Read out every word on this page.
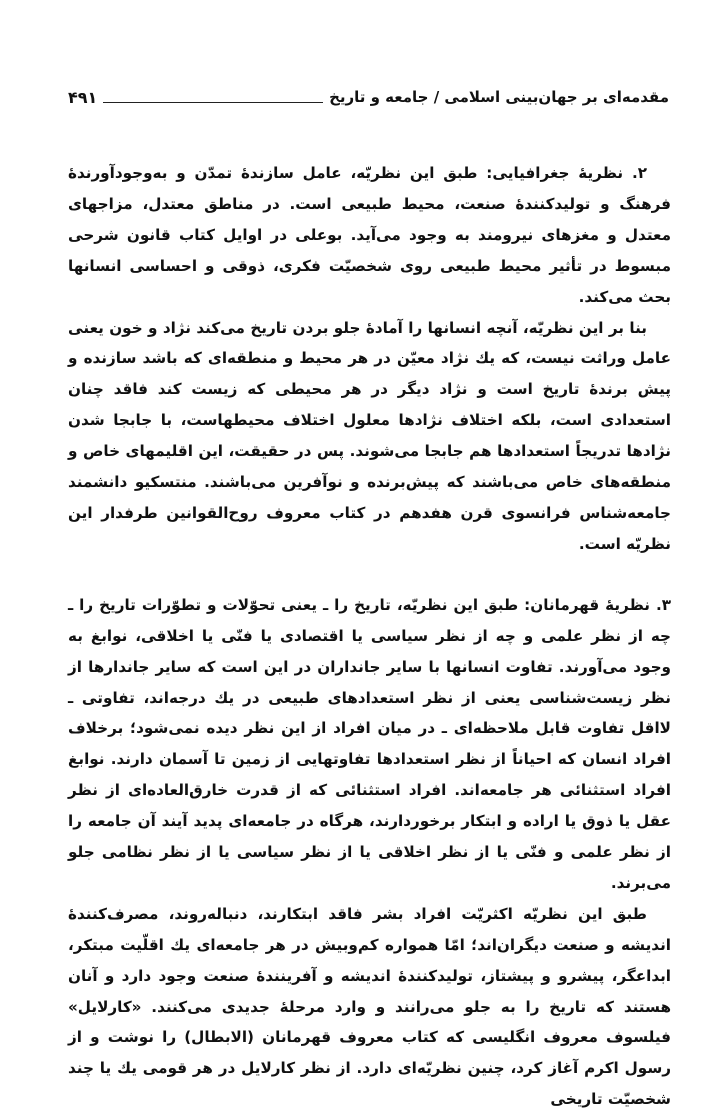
مقدمه‌ای بر جهان‌بینی اسلامی / جامعه و تاریخ
۴۹۱

۲. نظریهٔ جغرافیایی: طبق این نظریّه، عامل سازندهٔ تمدّن و به‌وجودآورندهٔ فرهنگ و تولیدکنندهٔ صنعت، محیط طبیعی است. در مناطق معتدل، مزاجهای معتدل و مغزهای نیرومند به وجود می‌آید. بوعلی در اوایل کتاب قانون شرحی مبسوط در تأثیر محیط طبیعی روی شخصیّت فکری، ذوقی و احساسی انسانها بحث می‌کند.

بنا بر این نظریّه، آنچه انسانها را آمادهٔ جلو بردن تاریخ می‌کند نژاد و خون یعنی عامل وراثت نیست، که یك نژاد معیّن در هر محیط و منطقه‌ای که باشد سازنده و پیش برندهٔ تاریخ است و نژاد دیگر در هر محیطی که زیست کند فاقد چنان استعدادی است، بلکه اختلاف نژادها معلول اختلاف محیطهاست، با جابجا شدن نژادها تدریجاً استعدادها هم جابجا می‌شوند. پس در حقیقت، این اقلیمهای خاص و منطقه‌های خاص می‌باشند که پیش‌برنده و نوآفرین می‌باشند. منتسکیو دانشمند جامعه‌شناس فرانسوی قرن هفدهم در کتاب معروف روح‌القوانین طرفدار این نظریّه است.

۳. نظریهٔ قهرمانان: طبق این نظریّه، تاریخ را ـ یعنی تحوّلات و تطوّرات تاریخ را ـ چه از نظر علمی و چه از نظر سیاسی یا اقتصادی یا فنّی یا اخلاقی، نوابغ به وجود می‌آورند. تفاوت انسانها با سایر جانداران در این است که سایر جاندارها از نظر زیست‌شناسی یعنی از نظر استعدادهای طبیعی در یك درجه‌اند، تفاوتی ـ لااقل تفاوت قابل ملاحظه‌ای ـ در میان افراد از این نظر دیده نمی‌شود؛ برخلاف افراد انسان که احیاناً از نظر استعدادها تفاوتهایی از زمین تا آسمان دارند. نوابغ افراد استثنائی هر جامعه‌اند. افراد استثنائی که از قدرت خارق‌العاده‌ای از نظر عقل یا ذوق یا اراده و ابتکار برخوردارند، هرگاه در جامعه‌ای پدید آیند آن جامعه را از نظر علمی و فنّی یا از نظر اخلاقی یا از نظر سیاسی یا از نظر نظامی جلو می‌برند.

طبق این نظریّه اکثریّت افراد بشر فاقد ابتکارند، دنباله‌روند، مصرف‌کنندهٔ اندیشه و صنعت دیگران‌اند؛ امّا همواره کم‌وبیش در هر جامعه‌ای یك اقلّیت مبتکر، ابداعگر، پیشرو و پیشتاز، تولیدکنندهٔ اندیشه و آفرینندهٔ صنعت وجود دارد و آنان هستند که تاریخ را به جلو می‌رانند و وارد مرحلهٔ جدیدی می‌کنند. «کارلایل» فیلسوف معروف انگلیسی که کتاب معروف قهرمانان (الابطال) را نوشت و از رسول اکرم آغاز کرد، چنین نظریّه‌ای دارد. از نظر کارلایل در هر قومی یك یا چند شخصیّت تاریخی
